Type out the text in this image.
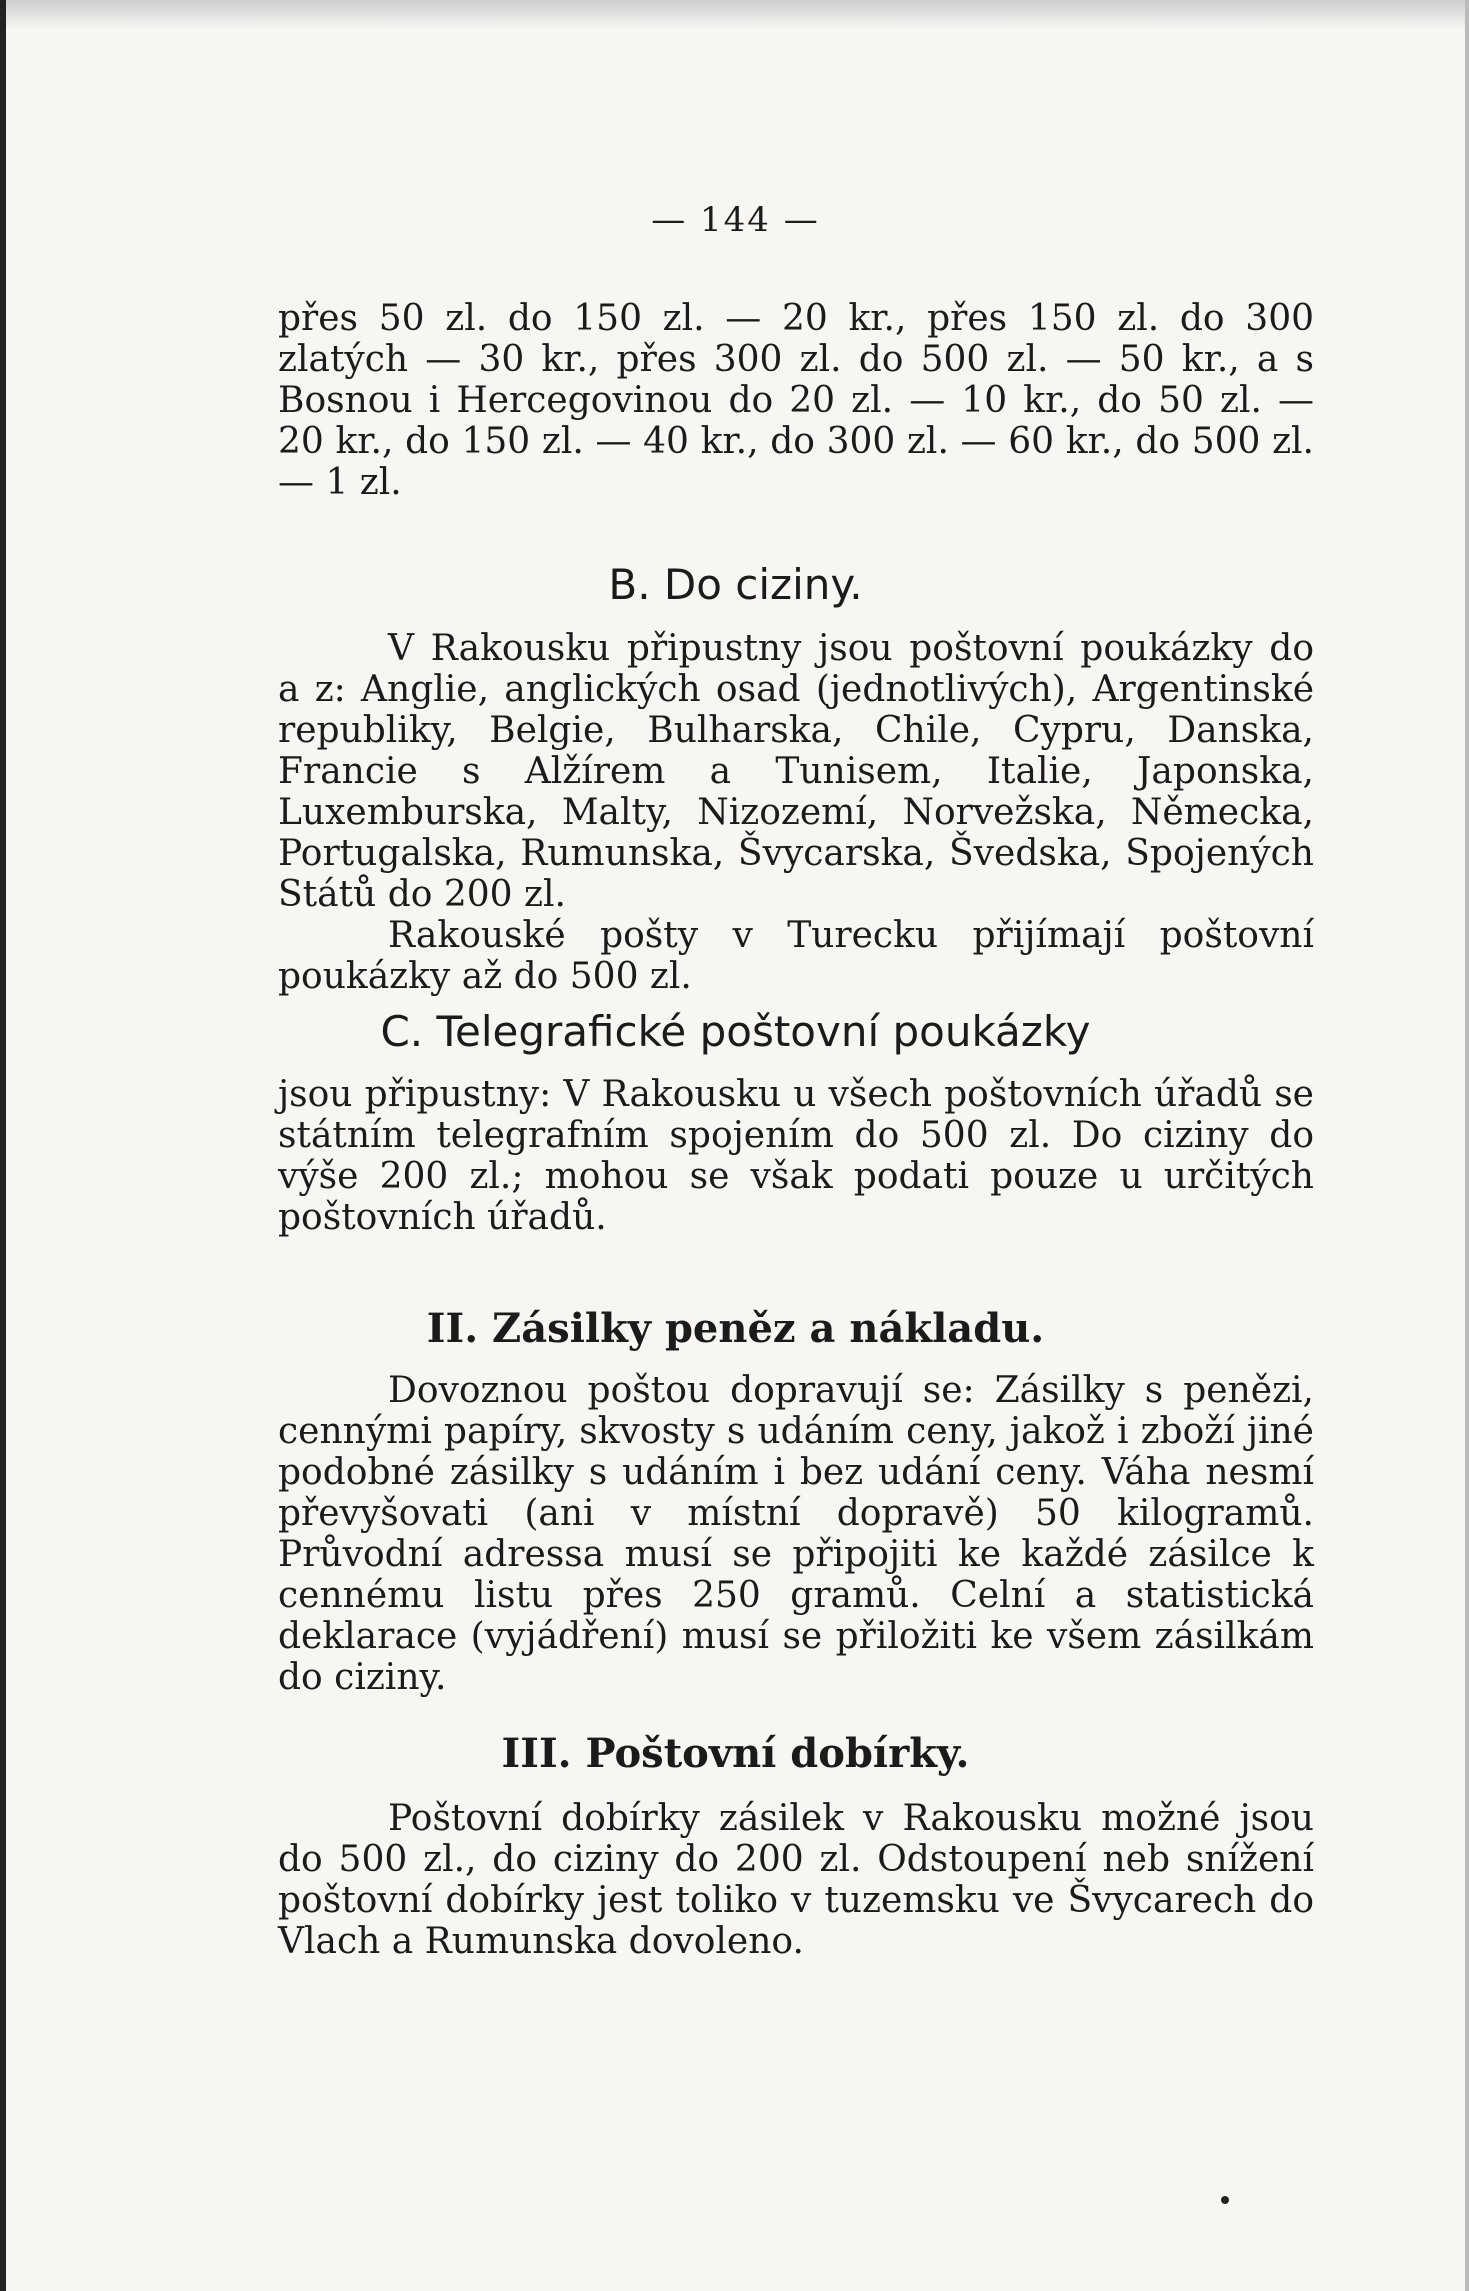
— 144 —

přes 50 zl. do 150 zl. — 20 kr., přes 150 zl. do 300 zlatých — 30 kr., přes 300 zl. do 500 zl. — 50 kr., a s Bosnou i Hercegovinou do 20 zl. — 10 kr., do 50 zl. — 20 kr., do 150 zl. — 40 kr., do 300 zl. — 60 kr., do 500 zl. — 1 zl.

B. Do ciziny.

V Rakousku připustny jsou poštovní poukázky do a z: Anglie, anglických osad (jednotlivých), Argentinské republiky, Belgie, Bulharska, Chile, Cypru, Danska, Francie s Alžírem a Tunisem, Italie, Japonska, Luxemburska, Malty, Nizozemí, Norvežska, Německa, Portugalska, Rumunska, Švycarska, Švedska, Spojených Států do 200 zl.

Rakouské pošty v Turecku přijímají poštovní poukázky až do 500 zl.

C. Telegrafické poštovní poukázky

jsou připustny: V Rakousku u všech poštovních úřadů se státním telegrafním spojením do 500 zl. Do ciziny do výše 200 zl.; mohou se však podati pouze u určitých poštovních úřadů.

II. Zásilky peněz a nákladu.

Dovoznou poštou dopravují se: Zásilky s penězi, cennými papíry, skvosty s udáním ceny, jakož i zboží jiné podobné zásilky s udáním i bez udání ceny. Váha nesmí převyšovati (ani v místní dopravě) 50 kilogramů. Průvodní adressa musí se připojiti ke každé zásilce k cennému listu přes 250 gramů. Celní a statistická deklarace (vyjádření) musí se přiložiti ke všem zásilkám do ciziny.

III. Poštovní dobírky.

Poštovní dobírky zásilek v Rakousku možné jsou do 500 zl., do ciziny do 200 zl. Odstoupení neb snížení poštovní dobírky jest toliko v tuzemsku ve Švycarech do Vlach a Rumunska dovoleno.
